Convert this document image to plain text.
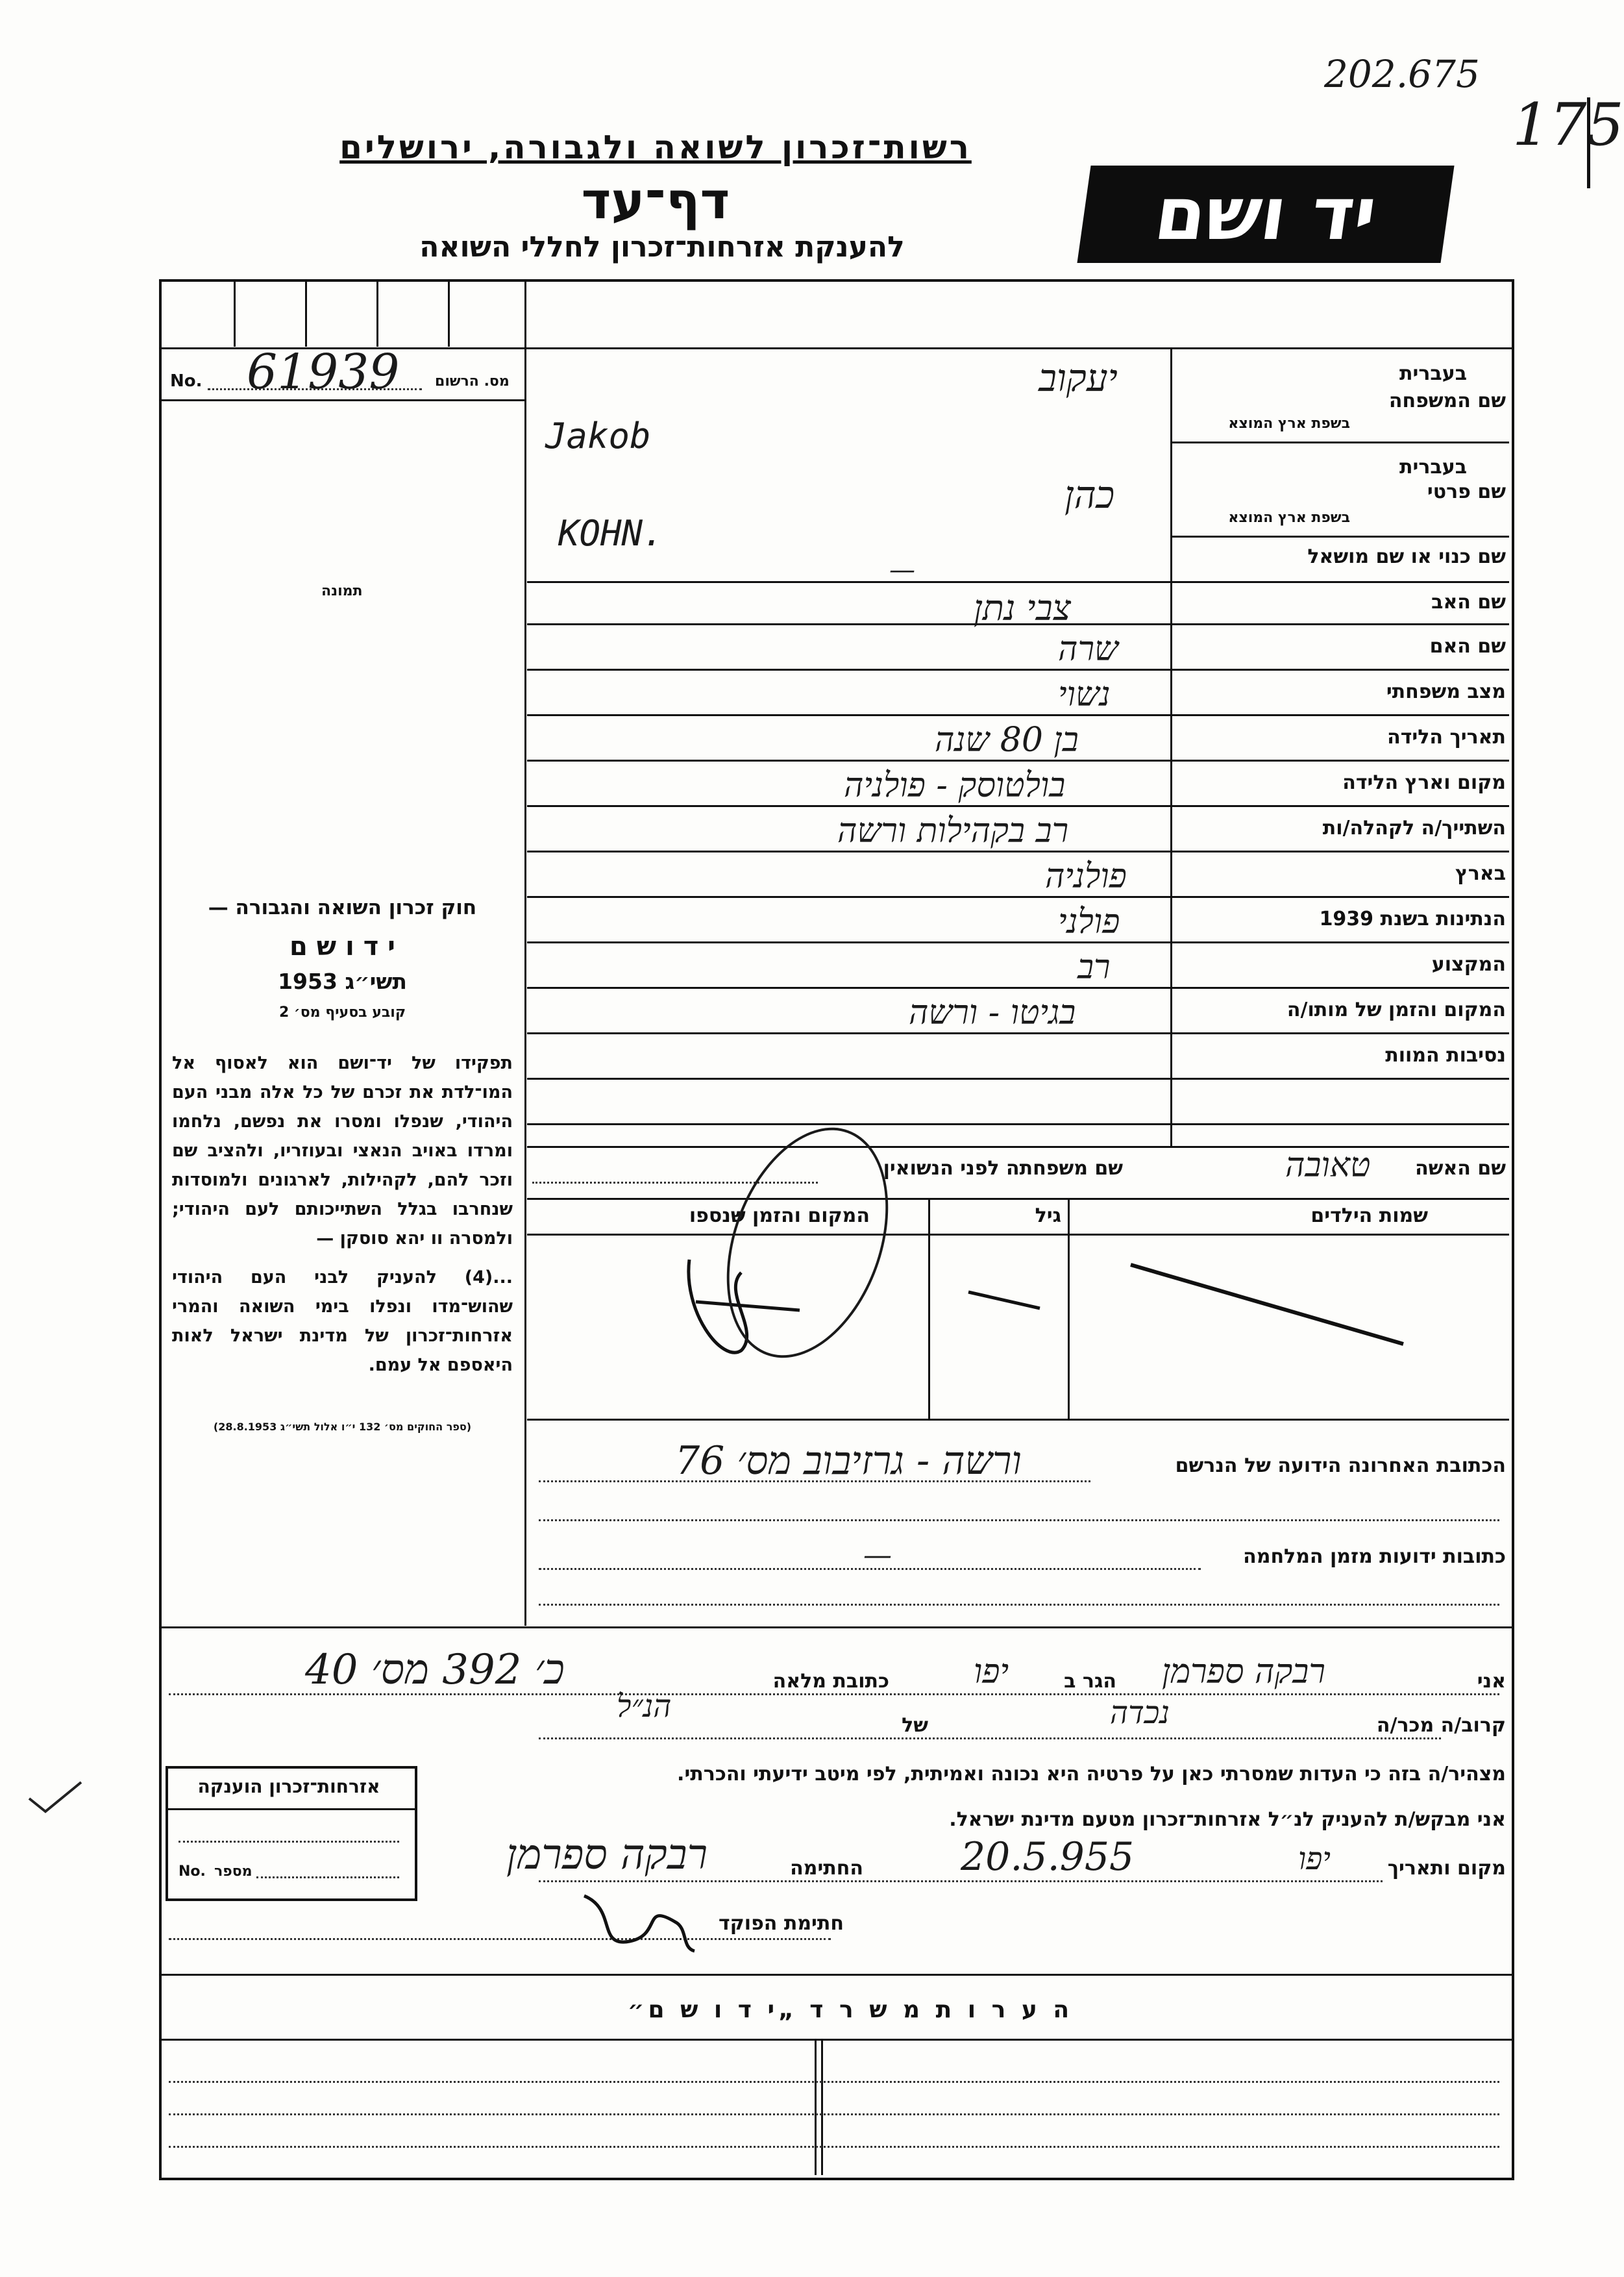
202.675
175
רשות־זכרון לשואה ולגבורה, ירושלים
דף־עד
להענקת אזרחות־זכרון לחללי השואה	יד ושם
No. 61939 מס. הרשום
תמונה
בעברית
שם המשפחה
בשפת ארץ המוצא
יעקוב
Jakob
בעברית
שם פרטי
בשפת ארץ המוצא
כהן
KOHN.
שם כנוי או שם מושאל
—
שם האב
צבי נתן
שם האם
שרה
מצב משפחתי
נשוי
תאריך הלידה
בן 80 שנה
מקום וארץ הלידה
בולטוסק - פולניה
השתייך/ה לקהלה/ות
רב בקהילות ורשה
בארץ
פולניה
הנתינות בשנת 1939
פולני
המקצוע
רב
המקום והזמן של מותו/ה
בגיטו - ורשה
נסיבות המוות
שם האשה
טאובה
שם משפחתה לפני הנשואין
שמות הילדים
גיל
המקום והזמן שנספו
הכתובת האחרונה הידועה של הנרשם
ורשה - גרזיבוב מס׳ 76
כתובות ידועות מזמן המלחמה
—
חוק זכרון השואה והגבורה —
י ד ו ש ם
תשי״ג 1953
קובע בסעיף מס׳ 2
תפקידו של יד־ושם הוא לאסוף אל המו־לדת את זכרם של כל אלה מבני העם היהודי, שנפלו ומסרו את נפשם, נלחמו ומרדו באויב הנאצי ובעוזריו, ולהציב שם וזכר להם, לקהילות, לארגונים ולמוסדות שנחרבו בגלל השתייכותם לעם היהודי; ולמסרה וו יהא סוסקן —
...(4) להעניק לבני העם היהודי שהוש־מדו ונפלו בימי השואה והמרי אזרחות־זכרון של מדינת ישראל לאות היאספם אל עמם.
(ספר החוקים מס׳ 132 י״ו אלול תשי״ג 28.8.1953)
אני
רבקה ספרמן
הגר ב
יפו
כתובת מלאה
כ׳ 392 מס׳ 40
קרוב/ה מכר/ה
נכדה
של
הנ״ל
מצהיר/ה בזה כי העדות שמסרתי כאן על פרטיה היא נכונה ואמיתית, לפי מיטב ידיעתי והכרתי.
אני מבקש/ת להעניק לנ״ל אזרחות־זכרון מטעם מדינת ישראל.
מקום ותאריך
יפו
20.5.955
החתימה
רבקה ספרמן
חתימת הפוקד
אזרחות־זכרון הוענקה
No. מספר
ה ע ר ו ת מ ש ר ד „י ד ו ש ם״
